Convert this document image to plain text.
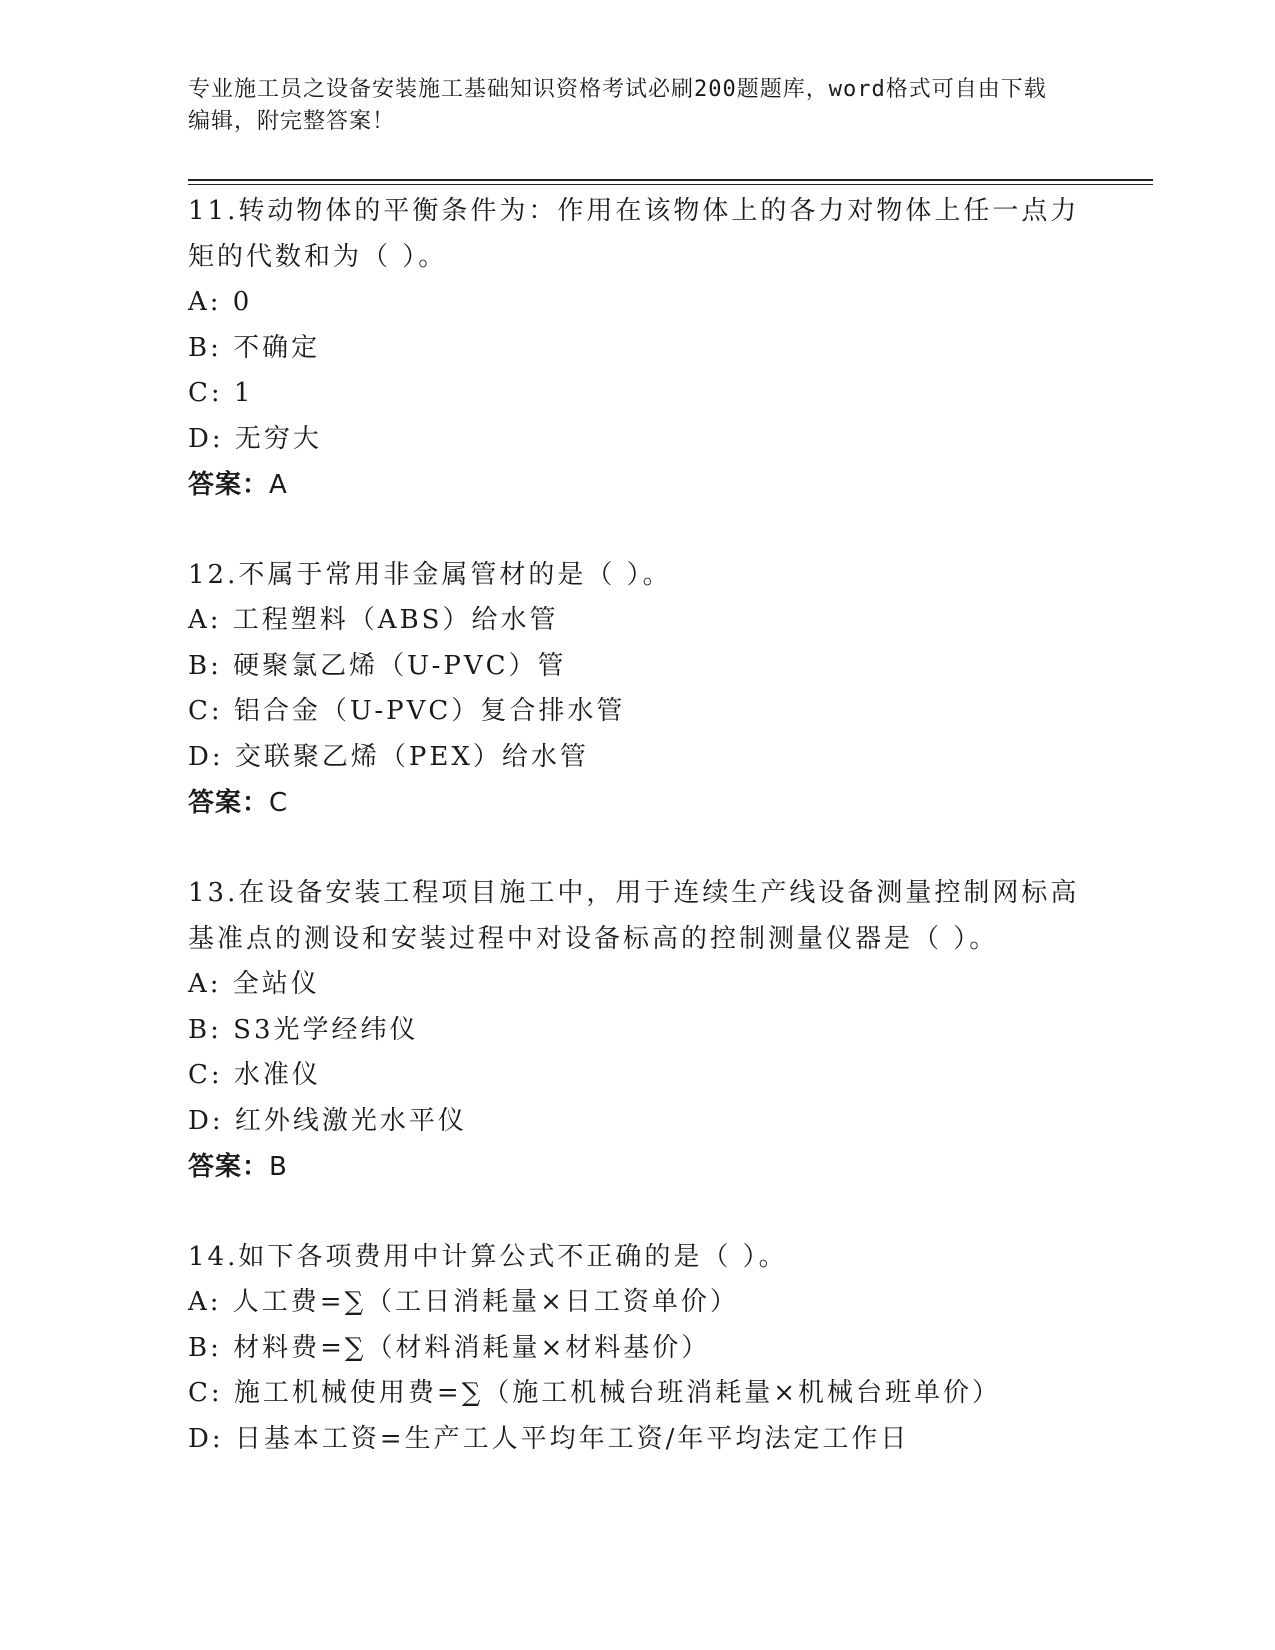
专业施工员之设备安装施工基础知识资格考试必刷200题题库，word格式可自由下载编辑，附完整答案！
11.转动物体的平衡条件为：作用在该物体上的各力对物体上任一点力矩的代数和为（ ）。
A: 0
B: 不确定
C: 1
D: 无穷大
答案：A
12.不属于常用非金属管材的是（ ）。
A: 工程塑料（ABS）给水管
B: 硬聚氯乙烯（U-PVC）管
C: 铝合金（U-PVC）复合排水管
D: 交联聚乙烯（PEX）给水管
答案：C
13.在设备安装工程项目施工中，用于连续生产线设备测量控制网标高基准点的测设和安装过程中对设备标高的控制测量仪器是（ ）。
A: 全站仪
B: S3光学经纬仪
C: 水准仪
D: 红外线激光水平仪
答案：B
14.如下各项费用中计算公式不正确的是（ ）。
A: 人工费=∑（工日消耗量×日工资单价）
B: 材料费=∑（材料消耗量×材料基价）
C: 施工机械使用费=∑（施工机械台班消耗量×机械台班单价）
D: 日基本工资=生产工人平均年工资/年平均法定工作日
